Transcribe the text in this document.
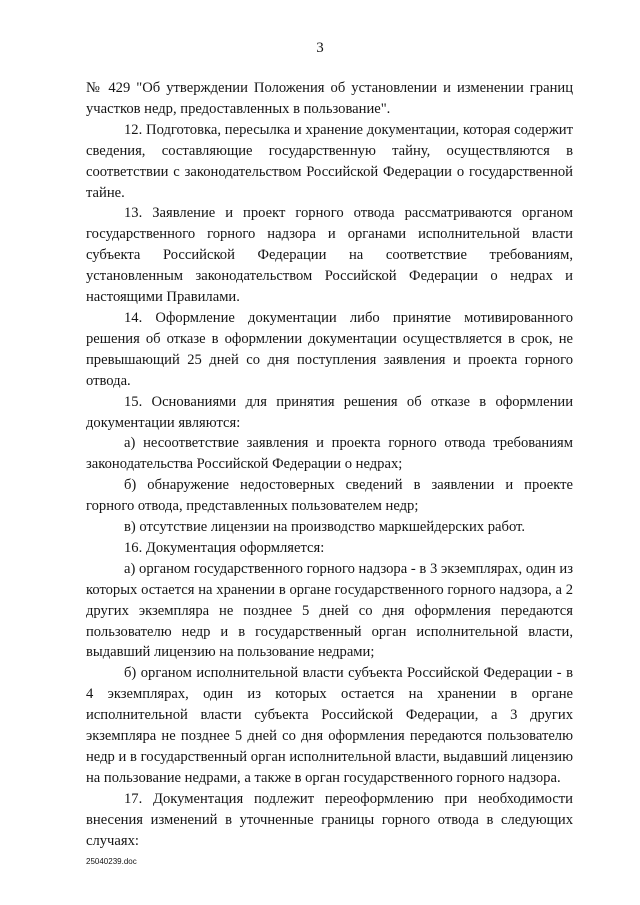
3

№ 429 "Об утверждении Положения об установлении и изменении границ участков недр, предоставленных в пользование".

12. Подготовка, пересылка и хранение документации, которая содержит сведения, составляющие государственную тайну, осуществляются в соответствии с законодательством Российской Федерации о государственной тайне.

13. Заявление и проект горного отвода рассматриваются органом государственного горного надзора и органами исполнительной власти субъекта Российской Федерации на соответствие требованиям, установленным законодательством Российской Федерации о недрах и настоящими Правилами.

14. Оформление документации либо принятие мотивированного решения об отказе в оформлении документации осуществляется в срок, не превышающий 25 дней со дня поступления заявления и проекта горного отвода.

15. Основаниями для принятия решения об отказе в оформлении документации являются:

а) несоответствие заявления и проекта горного отвода требованиям законодательства Российской Федерации о недрах;

б) обнаружение недостоверных сведений в заявлении и проекте горного отвода, представленных пользователем недр;

в) отсутствие лицензии на производство маркшейдерских работ.

16. Документация оформляется:

а) органом государственного горного надзора - в 3 экземплярах, один из которых остается на хранении в органе государственного горного надзора, а 2 других экземпляра не позднее 5 дней со дня оформления передаются пользователю недр и в государственный орган исполнительной власти, выдавший лицензию на пользование недрами;

б) органом исполнительной власти субъекта Российской Федерации - в 4 экземплярах, один из которых остается на хранении в органе исполнительной власти субъекта Российской Федерации, а 3 других экземпляра не позднее 5 дней со дня оформления передаются пользователю недр и в государственный орган исполнительной власти, выдавший лицензию на пользование недрами, а также в орган государственного горного надзора.

17. Документация подлежит переоформлению при необходимости внесения изменений в уточненные границы горного отвода в следующих случаях:

25040239.doc
